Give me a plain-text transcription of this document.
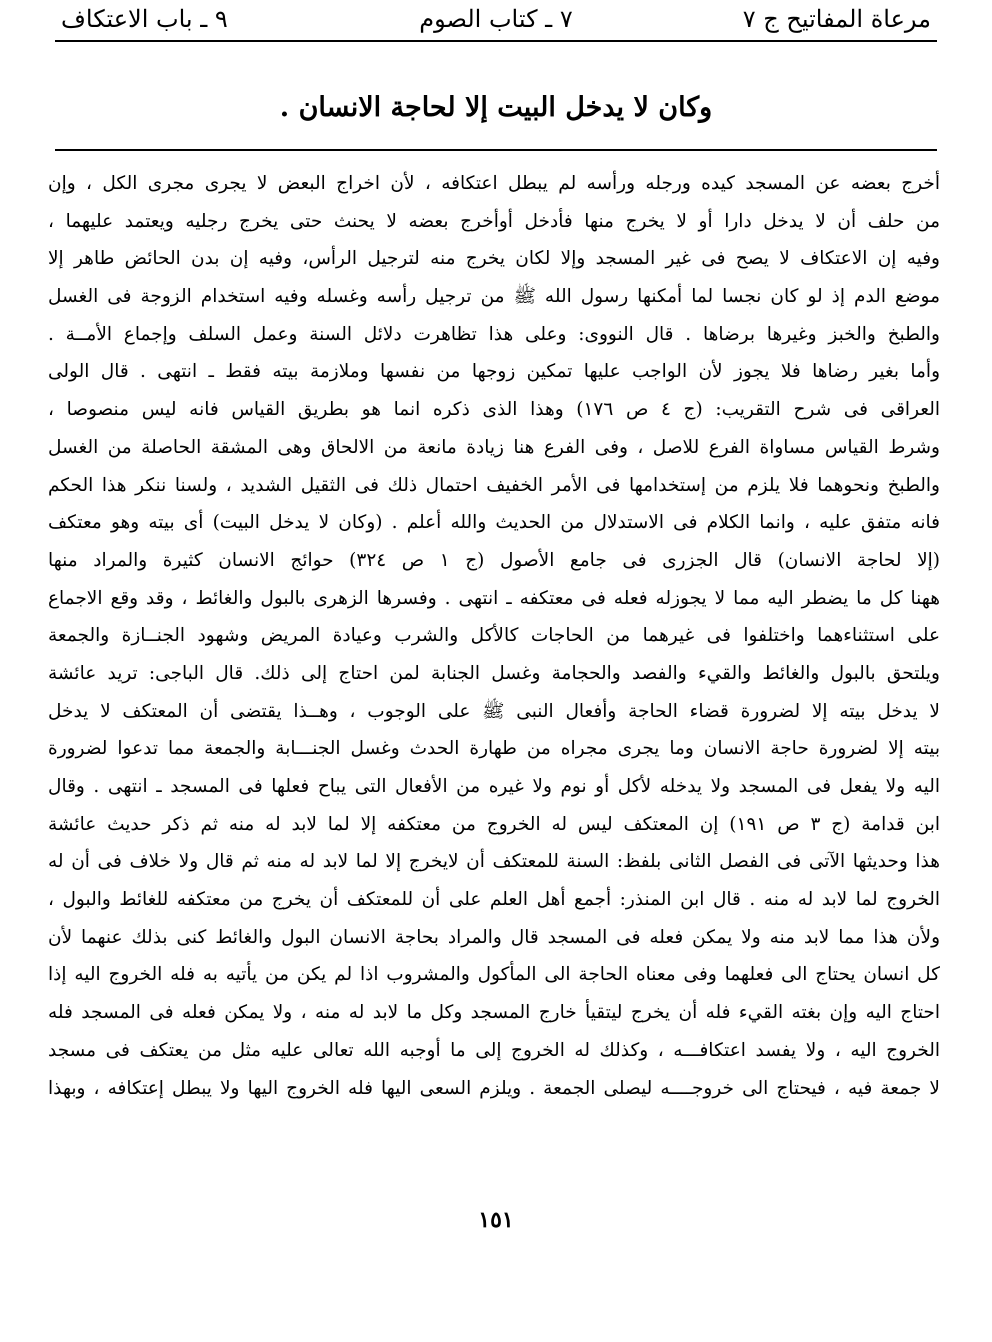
مرعاة المفاتيح ج ٧
٧ ـ كتاب الصوم
٩ ـ باب الاعتكاف
وكان لا يدخل البيت إلا لحاجة الانسان .
أخرج بعضه عن المسجد كيده ورجله ورأسه لم يبطل اعتكافه ، لأن اخراج البعض لا يجرى مجرى الكل ، وإن
من حلف أن لا يدخل دارا أو لا يخرج منها فأدخل أوأخرج بعضه لا يحنث حتى يخرج رجليه ويعتمد عليهما ،
وفيه إن الاعتكاف لا يصح فى غير المسجد وإلا لكان يخرج منه لترجيل الرأس، وفيه إن بدن الحائض طاهر إلا
موضع الدم إذ لو كان نجسا لما أمكنها رسول الله ﷺ من ترجيل رأسه وغسله وفيه استخدام الزوجة فى الغسل
والطبخ والخبز وغيرها برضاها . قال النووى: وعلى هذا تظاهرت دلائل السنة وعمل السلف وإجماع الأمــة .
وأما بغير رضاها فلا يجوز لأن الواجب عليها تمكين زوجها من نفسها وملازمة بيته فقط ـ انتهى . قال الولى
العراقى فى شرح التقريب: (ج ٤ ص ١٧٦) وهذا الذى ذكره انما هو بطريق القياس فانه ليس منصوصا ،
وشرط القياس مساواة الفرع للاصل ، وفى الفرع هنا زيادة مانعة من الالحاق وهى المشقة الحاصلة من الغسل
والطبخ ونحوهما فلا يلزم من إستخدامها فى الأمر الخفيف احتمال ذلك فى الثقيل الشديد ، ولسنا ننكر هذا الحكم
فانه متفق عليه ، وانما الكلام فى الاستدلال من الحديث والله أعلم . (وكان لا يدخل البيت) أى بيته وهو معتكف
(إلا لحاجة الانسان) قال الجزرى فى جامع الأصول (ج ١ ص ٣٢٤) حوائج الانسان كثيرة والمراد منها
ههنا كل ما يضطر اليه مما لا يجوزله فعله فى معتكفه ـ انتهى . وفسرها الزهرى بالبول والغائط ، وقد وقع الاجماع
على استثناءهما واختلفوا فى غيرهما من الحاجات كالأكل والشرب وعيادة المريض وشهود الجنــازة والجمعة
ويلتحق بالبول والغائط والقيء والفصد والحجامة وغسل الجنابة لمن احتاج إلى ذلك. قال الباجى: تريد عائشة
لا يدخل بيته إلا لضرورة قضاء الحاجة وأفعال النبى ﷺ على الوجوب ، وهــذا يقتضى أن المعتكف لا يدخل
بيته إلا لضرورة حاجة الانسان وما يجرى مجراه من طهارة الحدث وغسل الجنـــابة والجمعة مما تدعوا لضرورة
اليه ولا يفعل فى المسجد ولا يدخله لأكل أو نوم ولا غيره من الأفعال التى يباح فعلها فى المسجد ـ انتهى . وقال
ابن قدامة (ج ٣ ص ١٩١) إن المعتكف ليس له الخروج من معتكفه إلا لما لابد له منه ثم ذكر حديث عائشة
هذا وحديثها الآتى فى الفصل الثانى بلفظ: السنة للمعتكف أن لايخرج إلا لما لابد له منه ثم قال ولا خلاف فى أن له
الخروج لما لابد له منه . قال ابن المنذر: أجمع أهل العلم على أن للمعتكف أن يخرج من معتكفه للغائط والبول ،
ولأن هذا مما لابد منه ولا يمكن فعله فى المسجد قال والمراد بحاجة الانسان البول والغائط كنى بذلك عنهما لأن
كل انسان يحتاج الى فعلهما وفى معناه الحاجة الى المأكول والمشروب اذا لم يكن من يأتيه به فله الخروج اليه إذا
احتاج اليه وإن بغته القيء فله أن يخرج ليتقيأ خارج المسجد وكل ما لابد له منه ، ولا يمكن فعله فى المسجد فله
الخروج اليه ، ولا يفسد اعتكافـــه ، وكذلك له الخروج إلى ما أوجبه الله تعالى عليه مثل من يعتكف فى مسجد
لا جمعة فيه ، فيحتاج الى خروجــــه ليصلى الجمعة . ويلزم السعى اليها فله الخروج اليها ولا يبطل إعتكافه ، وبهذا
١٥١
